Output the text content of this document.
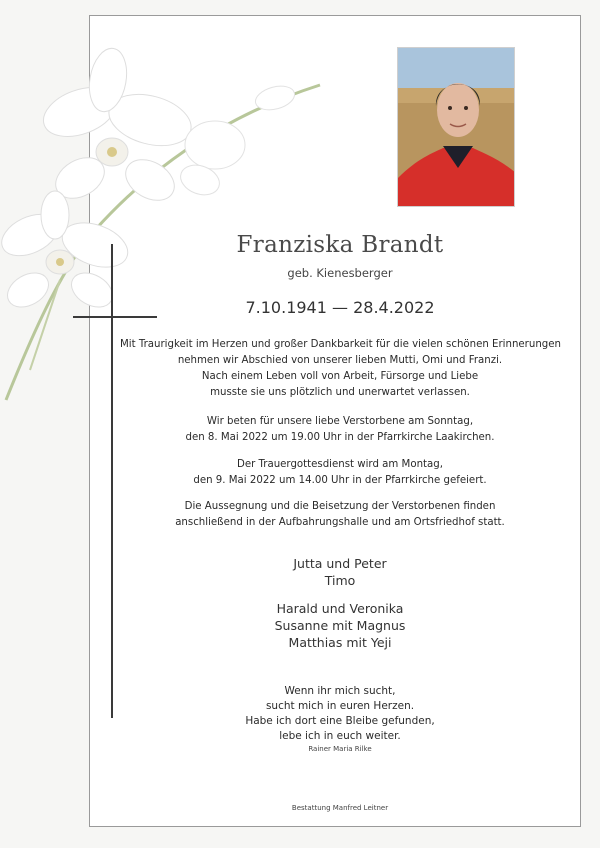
Franziska Brandt
geb. Kienesberger
7.10.1941 — 28.4.2022
Mit Traurigkeit im Herzen und großer Dankbarkeit für die vielen schönen Erinnerungen
nehmen wir Abschied von unserer lieben Mutti, Omi und Franzi.
Nach einem Leben voll von Arbeit, Fürsorge und Liebe
musste sie uns plötzlich und unerwartet verlassen.
Wir beten für unsere liebe Verstorbene am Sonntag,
den 8. Mai 2022 um 19.00 Uhr in der Pfarrkirche Laakirchen.
Der Trauergottesdienst wird am Montag,
den 9. Mai 2022 um 14.00 Uhr in der Pfarrkirche gefeiert.
Die Aussegnung und die Beisetzung der Verstorbenen finden
anschließend in der Aufbahrungshalle und am Ortsfriedhof statt.
Jutta und Peter
Timo
Harald und Veronika
Susanne mit Magnus
Matthias mit Yeji
Wenn ihr mich sucht,
sucht mich in euren Herzen.
Habe ich dort eine Bleibe gefunden,
lebe ich in euch weiter.
Rainer Maria Rilke
Bestattung Manfred Leitner
